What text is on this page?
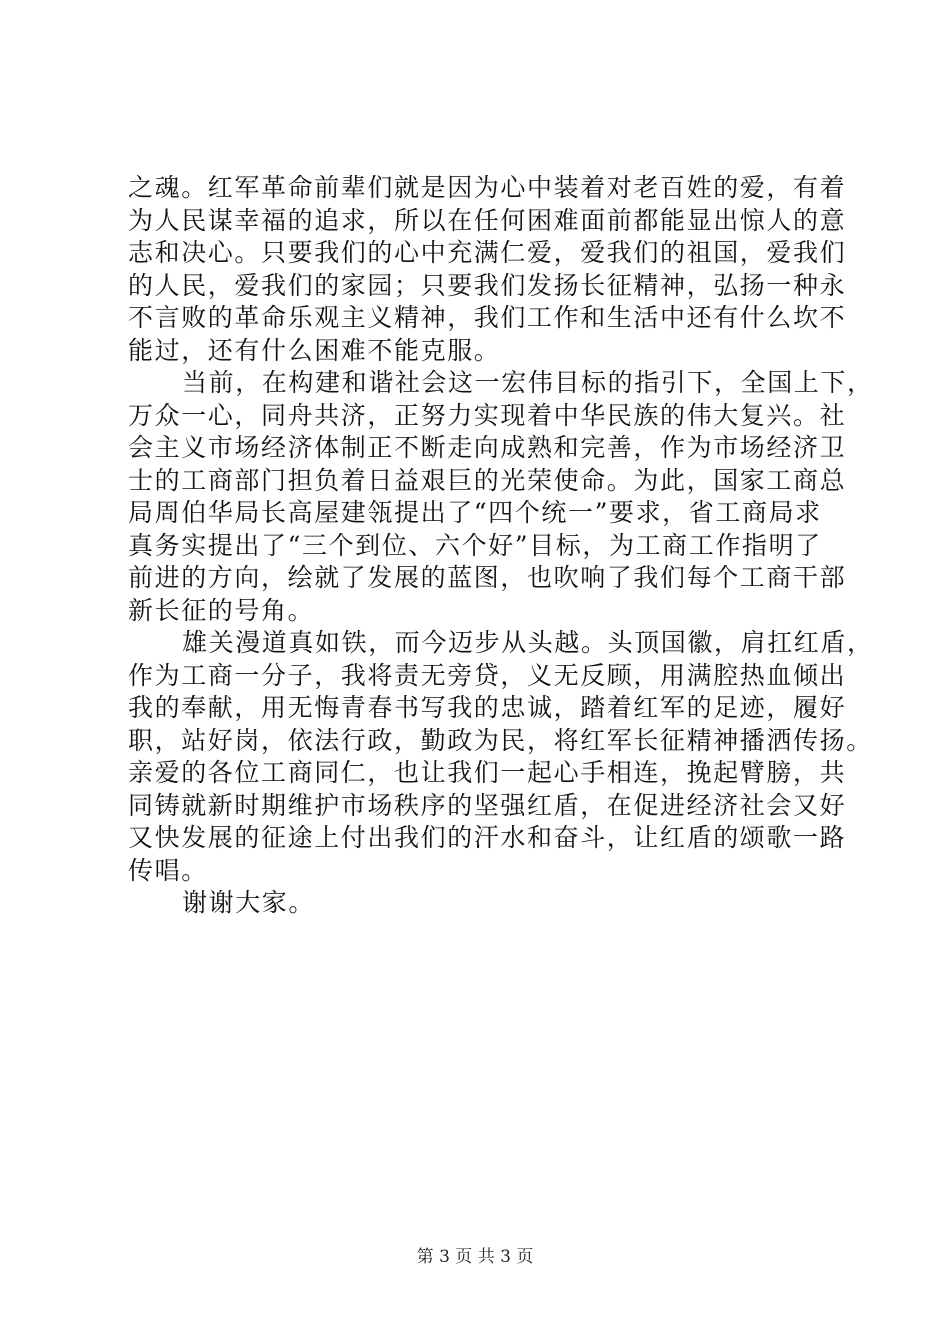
之魂。红军革命前辈们就是因为心中装着对老百姓的爱，有着
为人民谋幸福的追求，所以在任何困难面前都能显出惊人的意
志和决心。只要我们的心中充满仁爱，爱我们的祖国，爱我们
的人民，爱我们的家园；只要我们发扬长征精神，弘扬一种永
不言败的革命乐观主义精神，我们工作和生活中还有什么坎不
能过，还有什么困难不能克服。
当前，在构建和谐社会这一宏伟目标的指引下，全国上下，
万众一心，同舟共济，正努力实现着中华民族的伟大复兴。社
会主义市场经济体制正不断走向成熟和完善，作为市场经济卫
士的工商部门担负着日益艰巨的光荣使命。为此，国家工商总
局周伯华局长高屋建瓴提出了“四个统一”要求，省工商局求
真务实提出了“三个到位、六个好”目标，为工商工作指明了
前进的方向，绘就了发展的蓝图，也吹响了我们每个工商干部
新长征的号角。
雄关漫道真如铁，而今迈步从头越。头顶国徽，肩扛红盾，
作为工商一分子，我将责无旁贷，义无反顾，用满腔热血倾出
我的奉献，用无悔青春书写我的忠诚，踏着红军的足迹，履好
职，站好岗，依法行政，勤政为民，将红军长征精神播洒传扬。
亲爱的各位工商同仁，也让我们一起心手相连，挽起臂膀，共
同铸就新时期维护市场秩序的坚强红盾，在促进经济社会又好
又快发展的征途上付出我们的汗水和奋斗，让红盾的颂歌一路
传唱。
谢谢大家。
第 3 页 共 3 页
